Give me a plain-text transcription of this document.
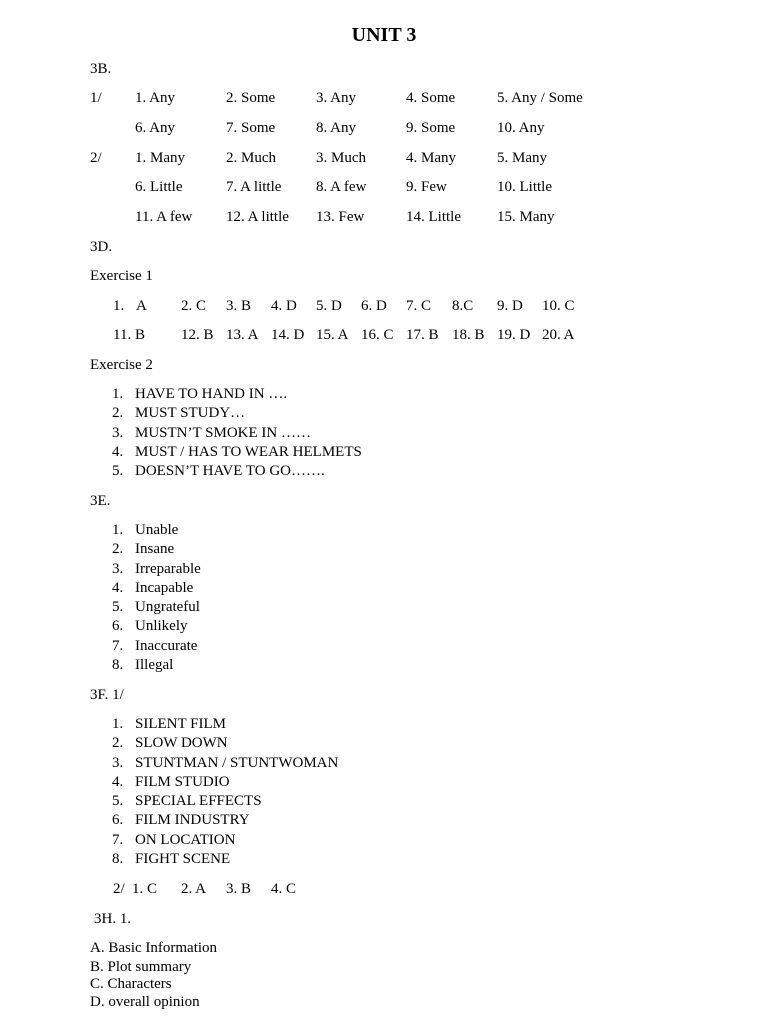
UNIT 3
3B.
1/ 1. Any	2. Some	3. Any	4. Some	5. Any / Some
6. Any	7. Some	8. Any	9. Some	10. Any
2/ 1. Many	2. Much	3. Much	4. Many	5. Many
6. Little	7. A little 8. A few	9. Few	10. Little
11. A few 12. A little 13. Few	14. Little 15. Many
3D.
Exercise 1
1. A 2. C 3. B 4. D 5. D 6. D 7. C 8.C 9. D 10. C
11. B 12. B 13. A 14. D 15. A 16. C 17. B 18. B 19. D 20. A
Exercise 2
1. HAVE TO HAND IN ….
2. MUST STUDY…
3. MUSTN’T SMOKE IN ……
4. MUST / HAS TO WEAR HELMETS
5. DOESN’T HAVE TO GO…….
3E.
1. Unable
2. Insane
3. Irreparable
4. Incapable
5. Ungrateful
6. Unlikely
7. Inaccurate
8. Illegal
3F. 1/
1. SILENT FILM
2. SLOW DOWN
3. STUNTMAN / STUNTWOMAN
4. FILM STUDIO
5. SPECIAL EFFECTS
6. FILM INDUSTRY
7. ON LOCATION
8. FIGHT SCENE
2/ 1. C 2. A 3. B 4. C
3H. 1.
A. Basic Information
B. Plot summary
C. Characters
D. overall opinion
